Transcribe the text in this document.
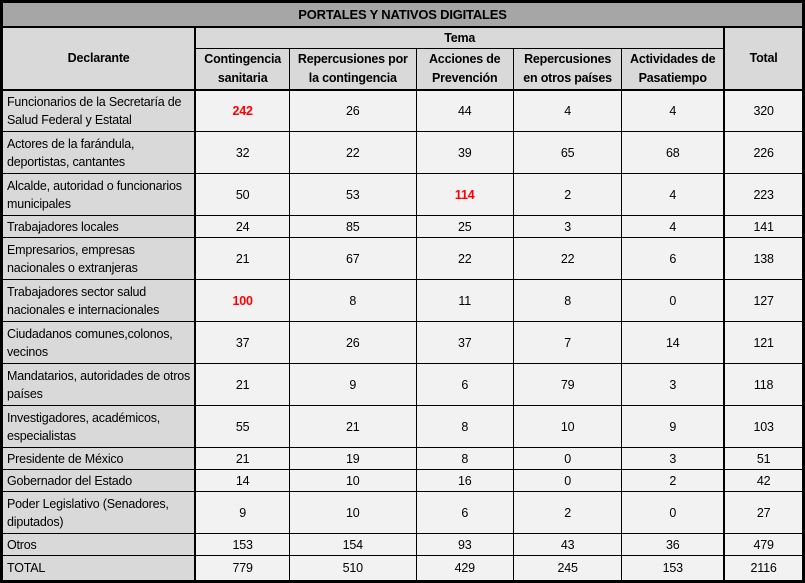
PORTALES Y NATIVOS DIGITALES						
Declarante	Tema					Total
	Contingencia sanitaria	Repercusiones por la contingencia	Acciones de Prevención	Repercusiones en otros países	Actividades de Pasatiempo	
Funcionarios de la Secretaría de Salud Federal y Estatal	242	26	44	4	4	320
Actores de la farándula, deportistas, cantantes	32	22	39	65	68	226
Alcalde, autoridad o funcionarios municipales	50	53	114	2	4	223
Trabajadores locales	24	85	25	3	4	141
Empresarios, empresas nacionales o extranjeras	21	67	22	22	6	138
Trabajadores sector salud nacionales e internacionales	100	8	11	8	0	127
Ciudadanos comunes,colonos, vecinos	37	26	37	7	14	121
Mandatarios, autoridades de otros países	21	9	6	79	3	118
Investigadores, académicos, especialistas	55	21	8	10	9	103
Presidente de México	21	19	8	0	3	51
Gobernador del Estado	14	10	16	0	2	42
Poder Legislativo (Senadores, diputados)	9	10	6	2	0	27
Otros	153	154	93	43	36	479
TOTAL	779	510	429	245	153	2116
